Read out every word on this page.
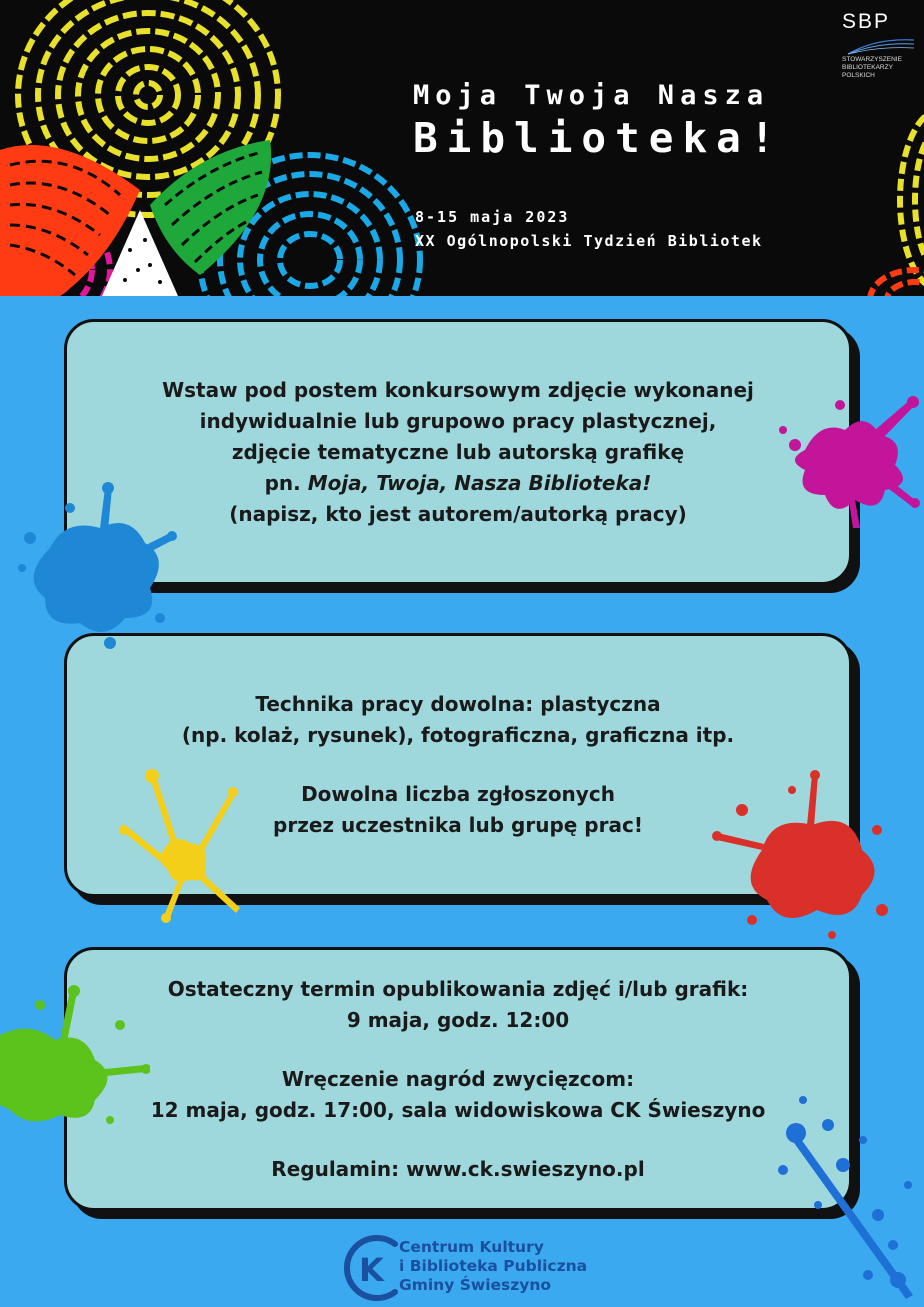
SBP
STOWARZYSZENIE
BIBLIOTEKARZY
POLSKICH
Moja Twoja Nasza
Biblioteka!
8-15 maja 2023
XX Ogólnopolski Tydzień Bibliotek

Wstaw pod postem konkursowym zdjęcie wykonanej

indywidualnie lub grupowo pracy plastycznej,

zdjęcie tematyczne lub autorską grafikę

pn. Moja, Twoja, Nasza Biblioteka!

(napisz, kto jest autorem/autorką pracy)

Technika pracy dowolna: plastyczna

(np. kolaż, rysunek), fotograficzna, graficzna itp.

Dowolna liczba zgłoszonych

przez uczestnika lub grupę prac!

Ostateczny termin opublikowania zdjęć i/lub grafik:

9 maja, godz. 12:00

Wręczenie nagród zwycięzcom:

12 maja, godz. 17:00, sala widowiskowa CK Świeszyno

Regulamin: www.ck.swieszyno.pl

K
Centrum Kultury
i Biblioteka Publiczna
Gminy Świeszyno
